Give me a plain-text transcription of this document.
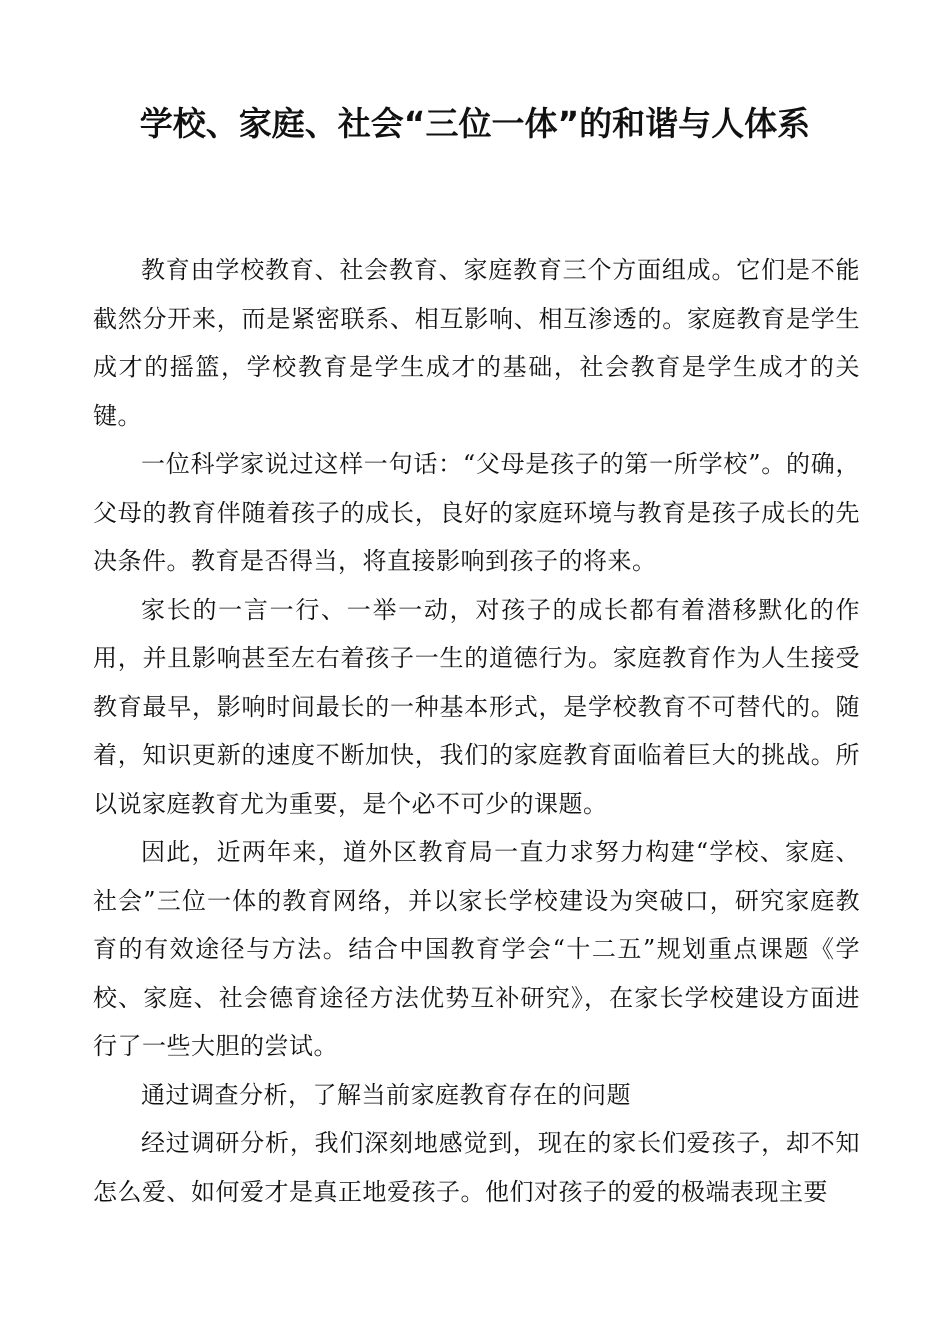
学校、家庭、社会“三位一体”的和谐与人体系

教育由学校教育、社会教育、家庭教育三个方面组成。它们是不能截然分开来，而是紧密联系、相互影响、相互渗透的。家庭教育是学生成才的摇篮，学校教育是学生成才的基础，社会教育是学生成才的关键。

一位科学家说过这样一句话：“父母是孩子的第一所学校”。的确，父母的教育伴随着孩子的成长，良好的家庭环境与教育是孩子成长的先决条件。教育是否得当，将直接影响到孩子的将来。

家长的一言一行、一举一动，对孩子的成长都有着潜移默化的作用，并且影响甚至左右着孩子一生的道德行为。家庭教育作为人生接受教育最早，影响时间最长的一种基本形式，是学校教育不可替代的。随着，知识更新的速度不断加快，我们的家庭教育面临着巨大的挑战。所以说家庭教育尤为重要，是个必不可少的课题。

因此，近两年来，道外区教育局一直力求努力构建“学校、家庭、社会”三位一体的教育网络，并以家长学校建设为突破口，研究家庭教育的有效途径与方法。结合中国教育学会“十二五”规划重点课题《学校、家庭、社会德育途径方法优势互补研究》，在家长学校建设方面进行了一些大胆的尝试。

通过调查分析，了解当前家庭教育存在的问题

经过调研分析，我们深刻地感觉到，现在的家长们爱孩子，却不知怎么爱、如何爱才是真正地爱孩子。他们对孩子的爱的极端表现主要
